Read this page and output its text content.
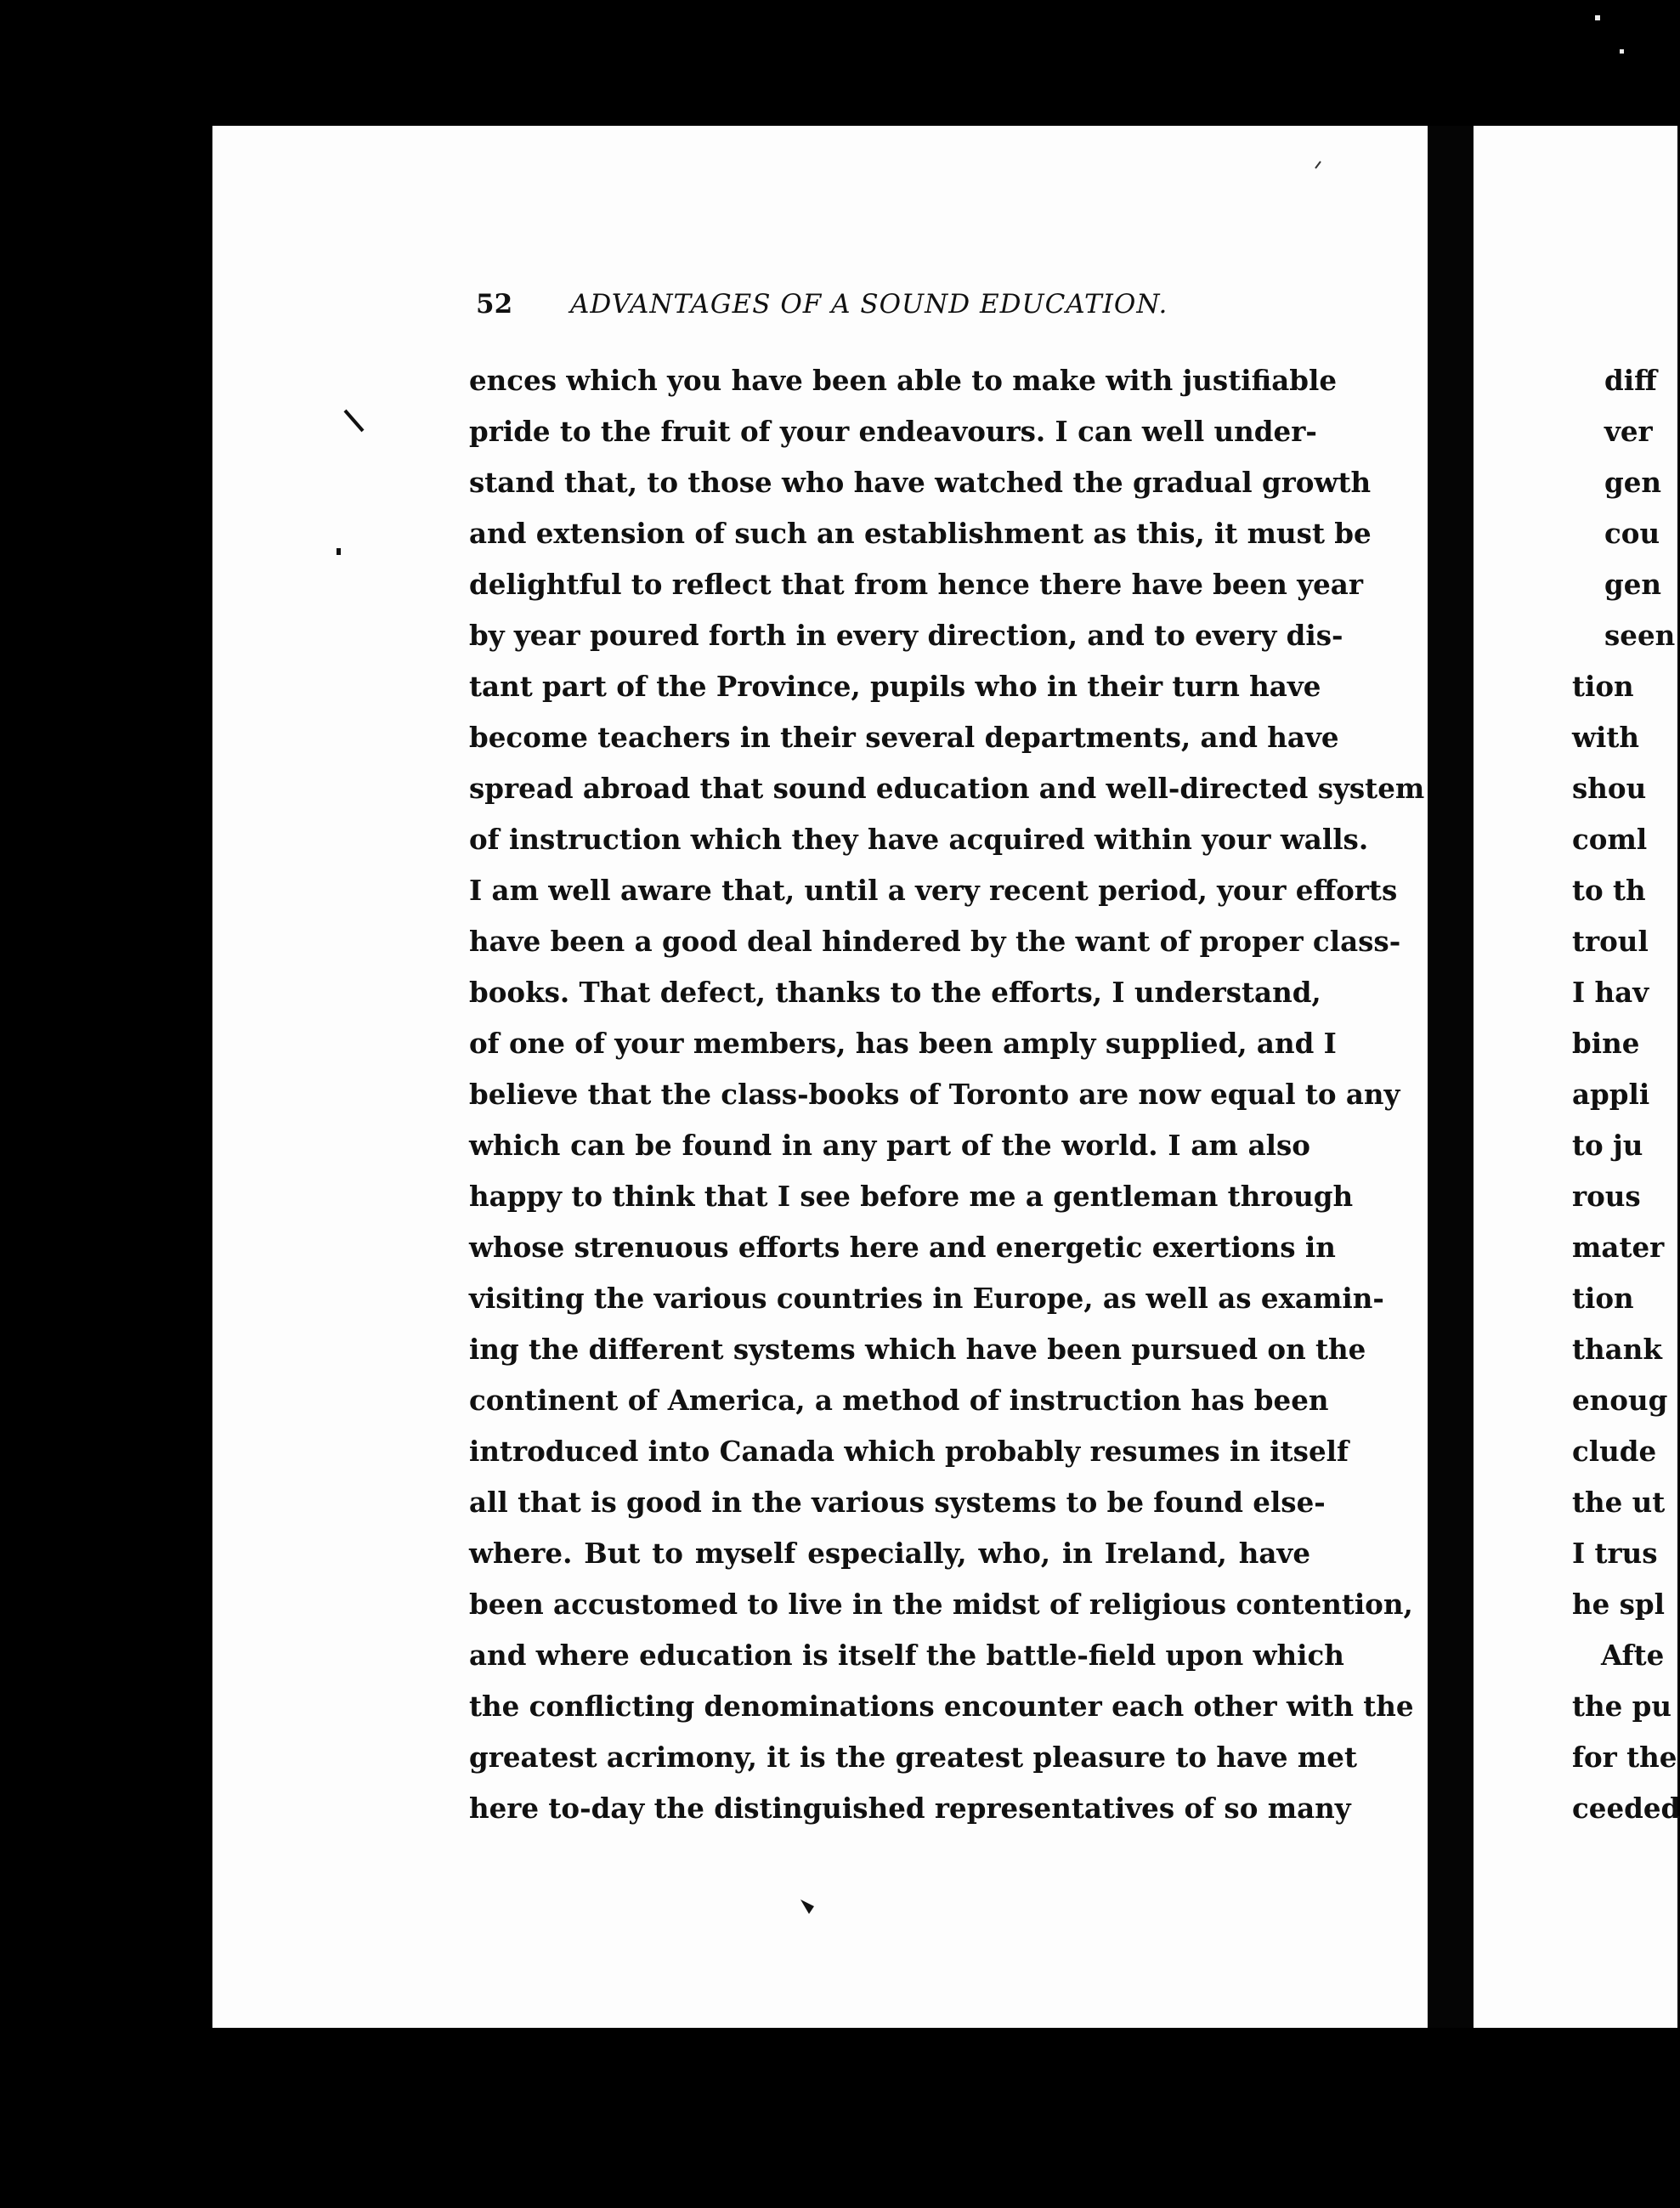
52 ADVANTAGES OF A SOUND EDUCATION.
ences which you have been able to make with justifiable
pride to the fruit of your endeavours. I can well under-
stand that, to those who have watched the gradual growth
and extension of such an establishment as this, it must be
delightful to reflect that from hence there have been year
by year poured forth in every direction, and to every dis-
tant part of the Province, pupils who in their turn have
become teachers in their several departments, and have
spread abroad that sound education and well-directed system
of instruction which they have acquired within your walls.
I am well aware that, until a very recent period, your efforts
have been a good deal hindered by the want of proper class-
books. That defect, thanks to the efforts, I understand,
of one of your members, has been amply supplied, and I
believe that the class-books of Toronto are now equal to any
which can be found in any part of the world. I am also
happy to think that I see before me a gentleman through
whose strenuous efforts here and energetic exertions in
visiting the various countries in Europe, as well as examin-
ing the different systems which have been pursued on the
continent of America, a method of instruction has been
introduced into Canada which probably resumes in itself
all that is good in the various systems to be found else-
where. But to myself especially, who, in Ireland, have
been accustomed to live in the midst of religious contention,
and where education is itself the battle-field upon which
the conflicting denominations encounter each other with the
greatest acrimony, it is the greatest pleasure to have met
here to-day the distinguished representatives of so many
diff
ver
gen
cou
gen
seen
tion
with
shou
coml
to th
troul
I hav
bine
appli
to ju
rous
mater
tion
thank
enoug
clude
the ut
I trus
he spl
Afte
the pu
for the
ceeded
